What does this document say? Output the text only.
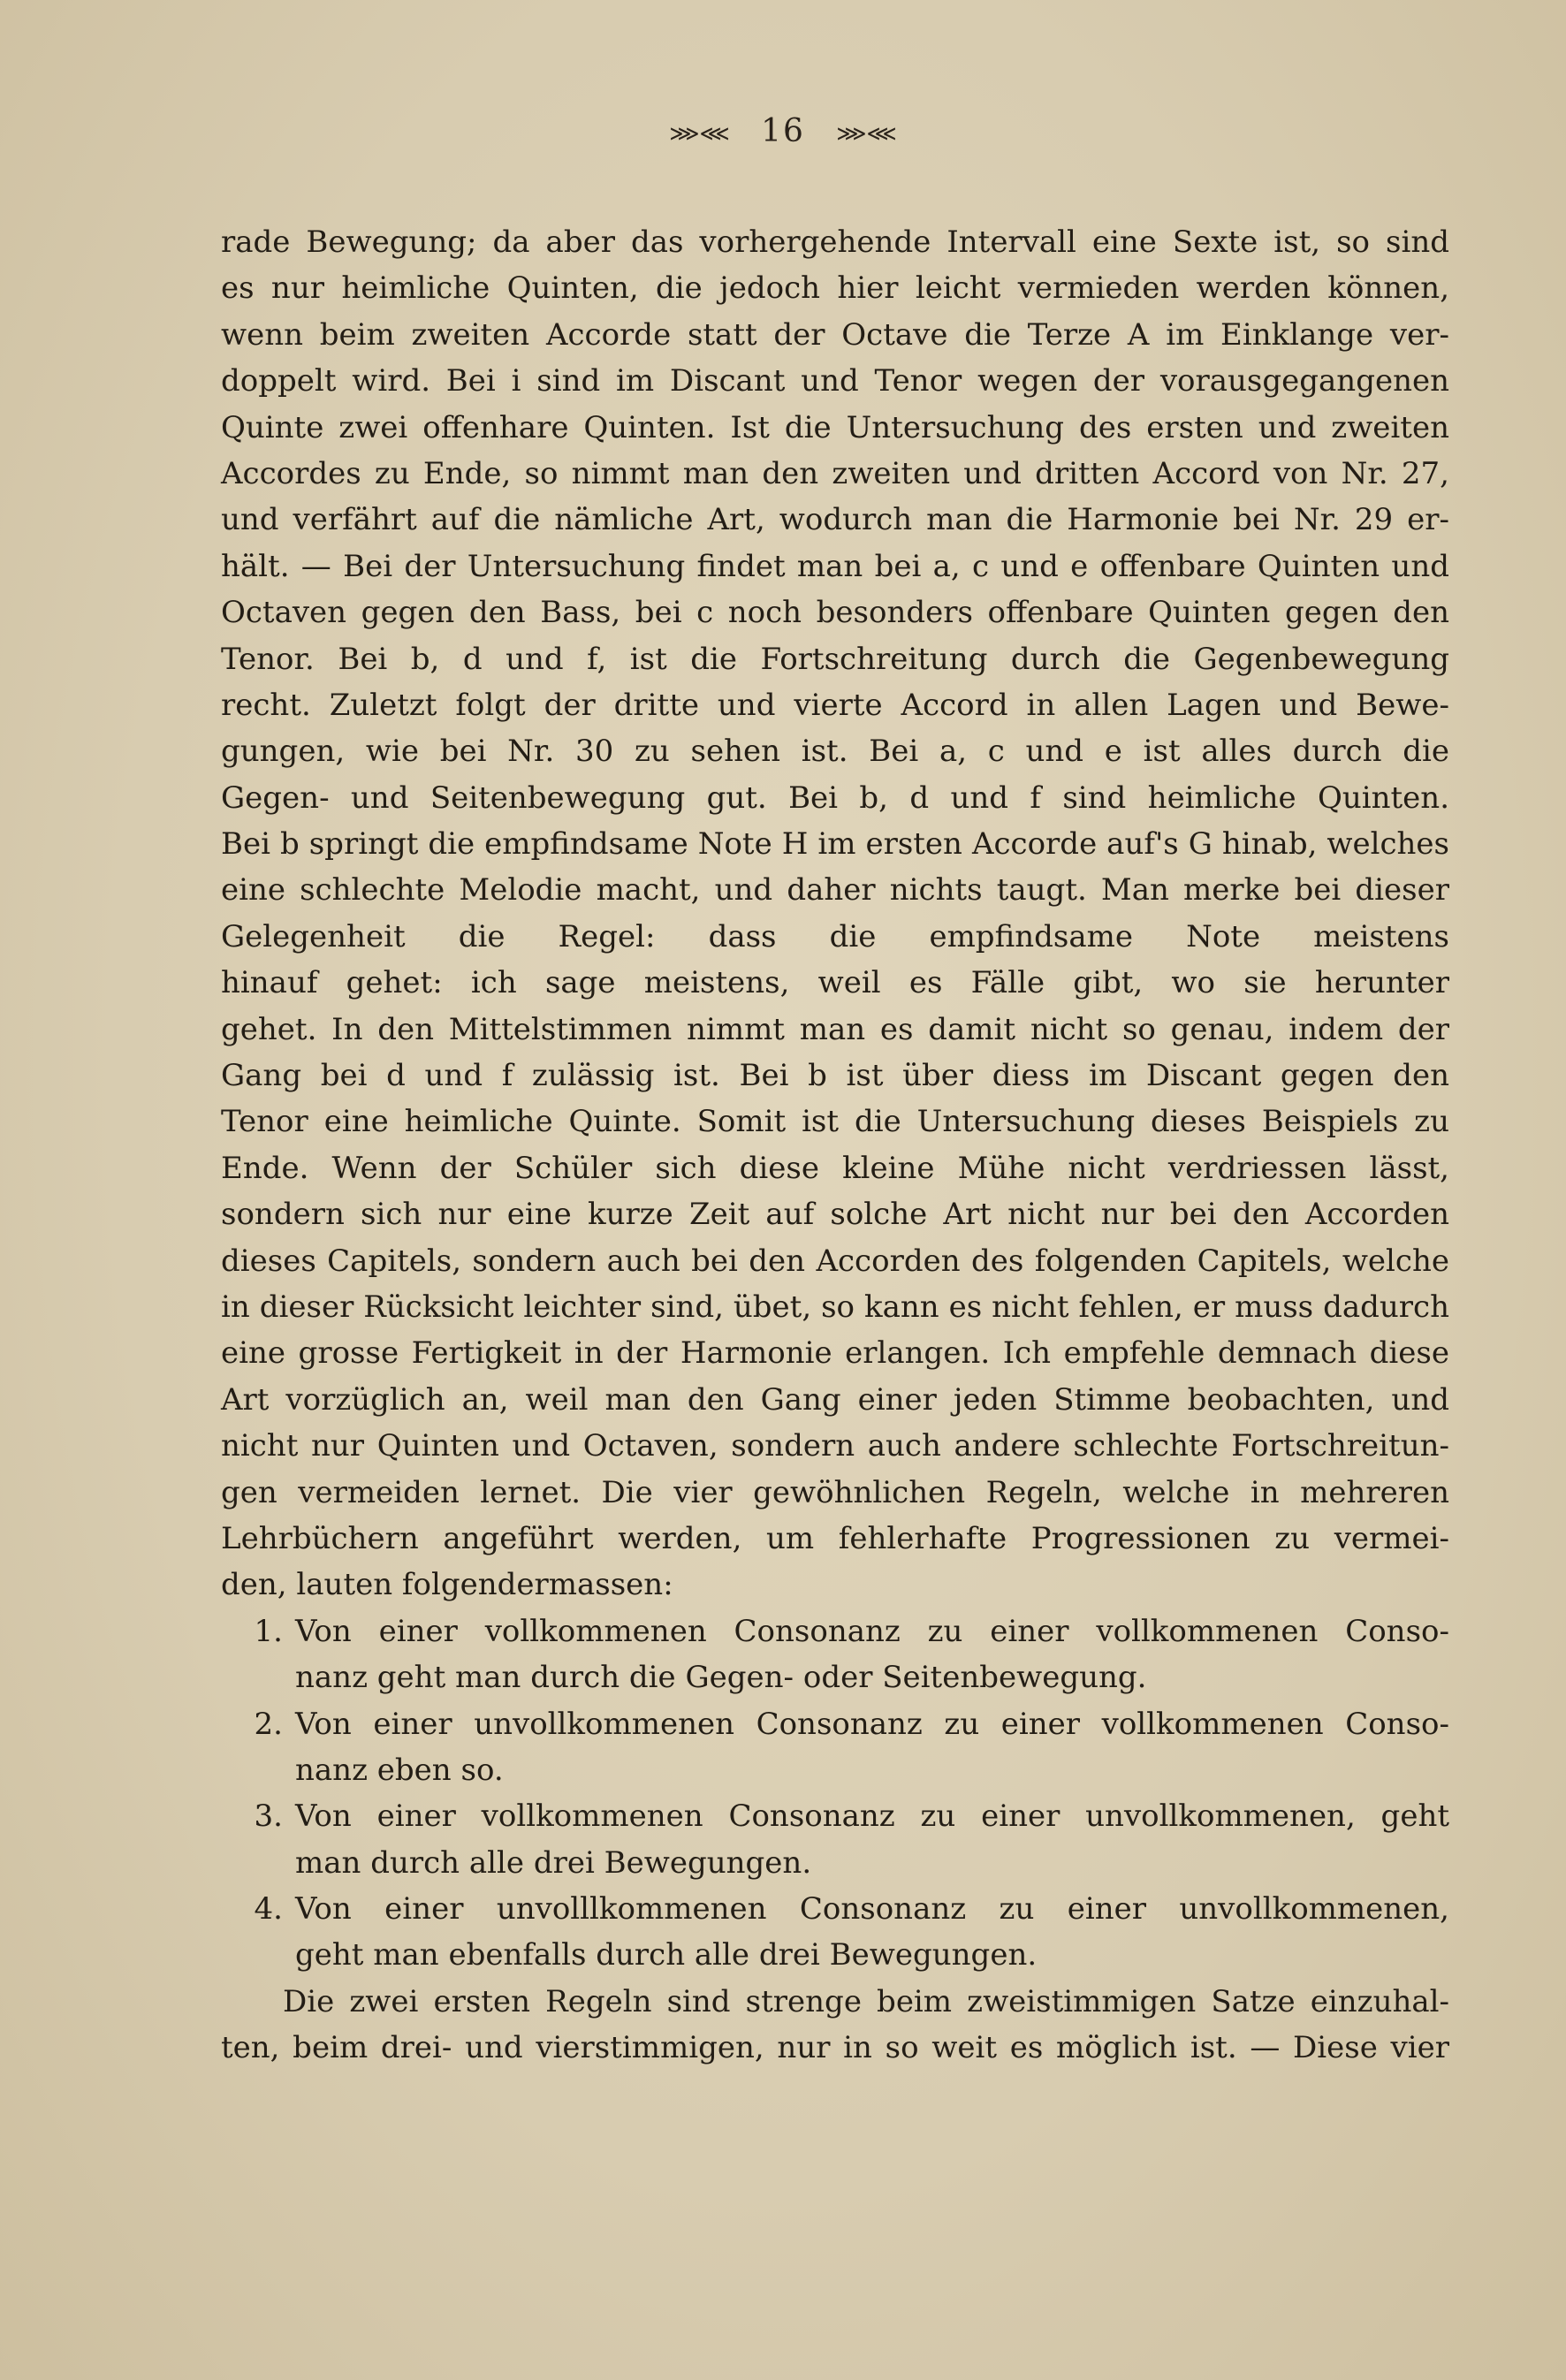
⋙⋘ 16 ⋙⋘
rade Bewegung; da aber das vorhergehende Intervall eine Sexte ist, so sind
es nur heimliche Quinten, die jedoch hier leicht vermieden werden können,
wenn beim zweiten Accorde statt der Octave die Terze A im Einklange ver-
doppelt wird. Bei i sind im Discant und Tenor wegen der vorausgegangenen
Quinte zwei offenhare Quinten. Ist die Untersuchung des ersten und zweiten
Accordes zu Ende, so nimmt man den zweiten und dritten Accord von Nr. 27,
und verfährt auf die nämliche Art, wodurch man die Harmonie bei Nr. 29 er-
hält. — Bei der Untersuchung findet man bei a, c und e offenbare Quinten und
Octaven gegen den Bass, bei c noch besonders offenbare Quinten gegen den
Tenor. Bei b, d und f, ist die Fortschreitung durch die Gegenbewegung
recht. Zuletzt folgt der dritte und vierte Accord in allen Lagen und Bewe-
gungen, wie bei Nr. 30 zu sehen ist. Bei a, c und e ist alles durch die
Gegen- und Seitenbewegung gut. Bei b, d und f sind heimliche Quinten.
Bei b springt die empfindsame Note H im ersten Accorde auf's G hinab, welches
eine schlechte Melodie macht, und daher nichts taugt. Man merke bei dieser
Gelegenheit die Regel: dass die empfindsame Note meistens
hinauf gehet: ich sage meistens, weil es Fälle gibt, wo sie herunter
gehet. In den Mittelstimmen nimmt man es damit nicht so genau, indem der
Gang bei d und f zulässig ist. Bei b ist über diess im Discant gegen den
Tenor eine heimliche Quinte. Somit ist die Untersuchung dieses Beispiels zu
Ende. Wenn der Schüler sich diese kleine Mühe nicht verdriessen lässt,
sondern sich nur eine kurze Zeit auf solche Art nicht nur bei den Accorden
dieses Capitels, sondern auch bei den Accorden des folgenden Capitels, welche
in dieser Rücksicht leichter sind, übet, so kann es nicht fehlen, er muss dadurch
eine grosse Fertigkeit in der Harmonie erlangen. Ich empfehle demnach diese
Art vorzüglich an, weil man den Gang einer jeden Stimme beobachten, und
nicht nur Quinten und Octaven, sondern auch andere schlechte Fortschreitun-
gen vermeiden lernet. Die vier gewöhnlichen Regeln, welche in mehreren
Lehrbüchern angeführt werden, um fehlerhafte Progressionen zu vermei-
den, lauten folgendermassen:
1. Von einer vollkommenen Consonanz zu einer vollkommenen Conso-
nanz geht man durch die Gegen- oder Seitenbewegung.
2. Von einer unvollkommenen Consonanz zu einer vollkommenen Conso-
nanz eben so.
3. Von einer vollkommenen Consonanz zu einer unvollkommenen, geht
man durch alle drei Bewegungen.
4. Von einer unvolllkommenen Consonanz zu einer unvollkommenen,
geht man ebenfalls durch alle drei Bewegungen.
Die zwei ersten Regeln sind strenge beim zweistimmigen Satze einzuhal-
ten, beim drei- und vierstimmigen, nur in so weit es möglich ist. — Diese vier
